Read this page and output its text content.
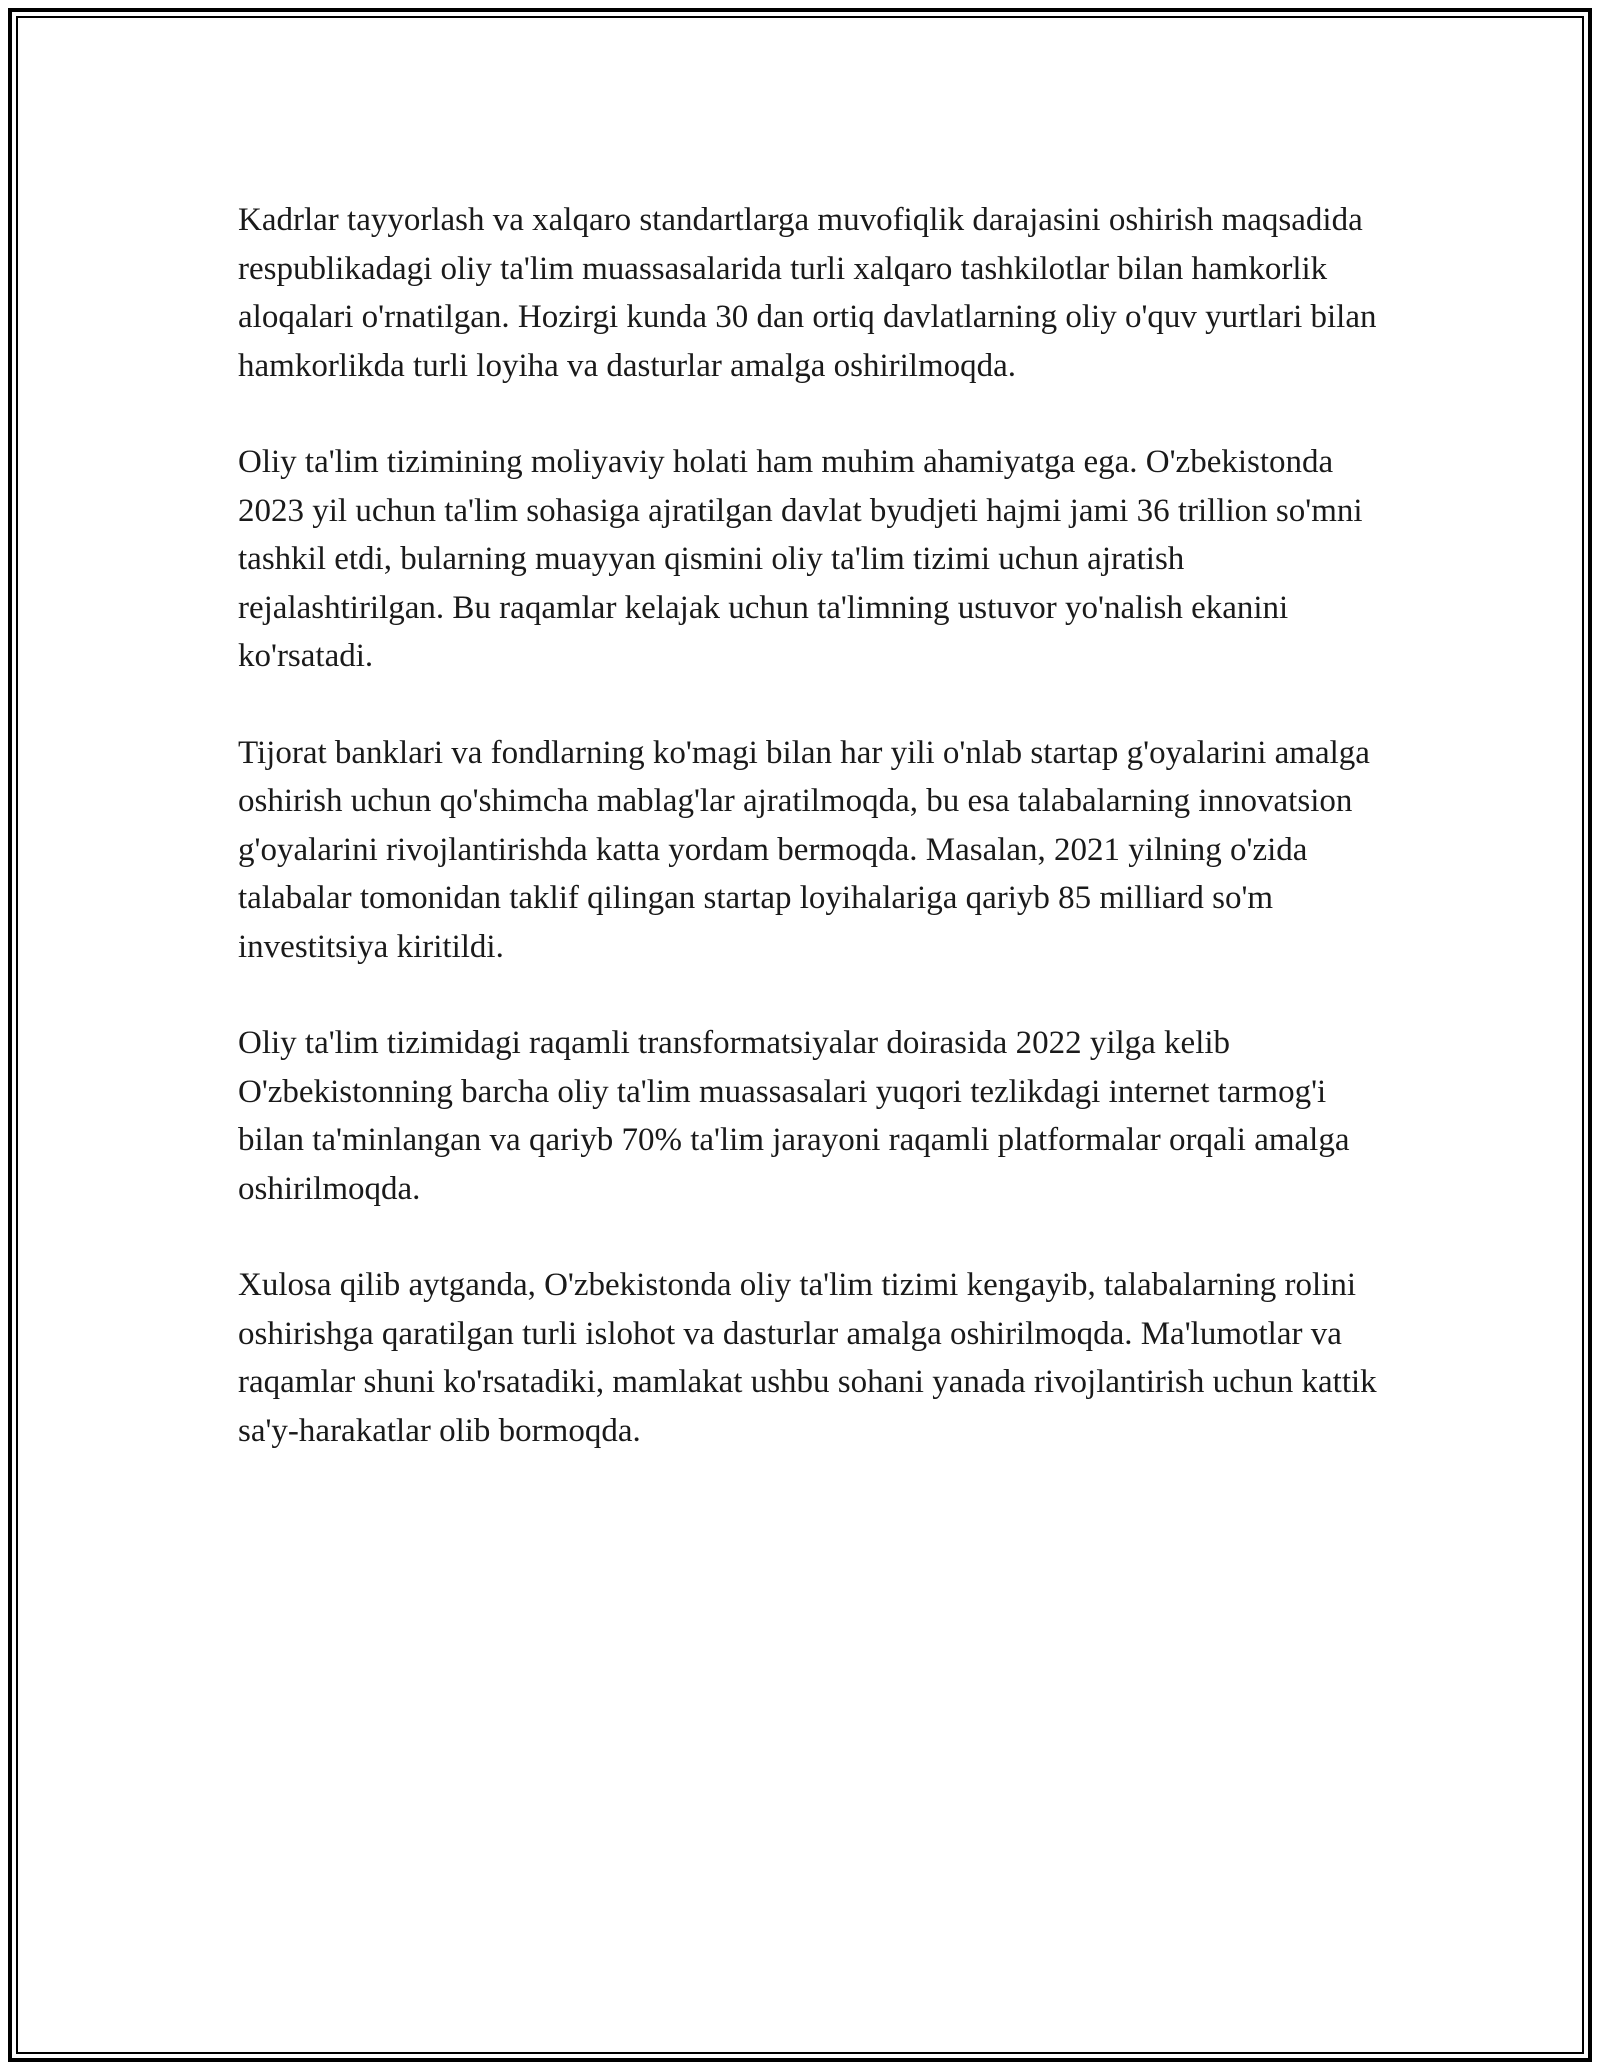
Kadrlar tayyorlash va xalqaro standartlarga muvofiqlik darajasini oshirish maqsadida respublikadagi oliy ta'lim muassasalarida turli xalqaro tashkilotlar bilan hamkorlik aloqalari o'rnatilgan. Hozirgi kunda 30 dan ortiq davlatlarning oliy o'quv yurtlari bilan hamkorlikda turli loyiha va dasturlar amalga oshirilmoqda.

Oliy ta'lim tizimining moliyaviy holati ham muhim ahamiyatga ega. O'zbekistonda 2023 yil uchun ta'lim sohasiga ajratilgan davlat byudjeti hajmi jami 36 trillion so'mni tashkil etdi, bularning muayyan qismini oliy ta'lim tizimi uchun ajratish rejalashtirilgan. Bu raqamlar kelajak uchun ta'limning ustuvor yo'nalish ekanini ko'rsatadi.

Tijorat banklari va fondlarning ko'magi bilan har yili o'nlab startap g'oyalarini amalga oshirish uchun qo'shimcha mablag'lar ajratilmoqda, bu esa talabalarning innovatsion g'oyalarini rivojlantirishda katta yordam bermoqda. Masalan, 2021 yilning o'zida talabalar tomonidan taklif qilingan startap loyihalariga qariyb 85 milliard so'm investitsiya kiritildi.

Oliy ta'lim tizimidagi raqamli transformatsiyalar doirasida 2022 yilga kelib O'zbekistonning barcha oliy ta'lim muassasalari yuqori tezlikdagi internet tarmog'i bilan ta'minlangan va qariyb 70% ta'lim jarayoni raqamli platformalar orqali amalga oshirilmoqda.

Xulosa qilib aytganda, O'zbekistonda oliy ta'lim tizimi kengayib, talabalarning rolini oshirishga qaratilgan turli islohot va dasturlar amalga oshirilmoqda. Ma'lumotlar va raqamlar shuni ko'rsatadiki, mamlakat ushbu sohani yanada rivojlantirish uchun kattik sa'y-harakatlar olib bormoqda.
